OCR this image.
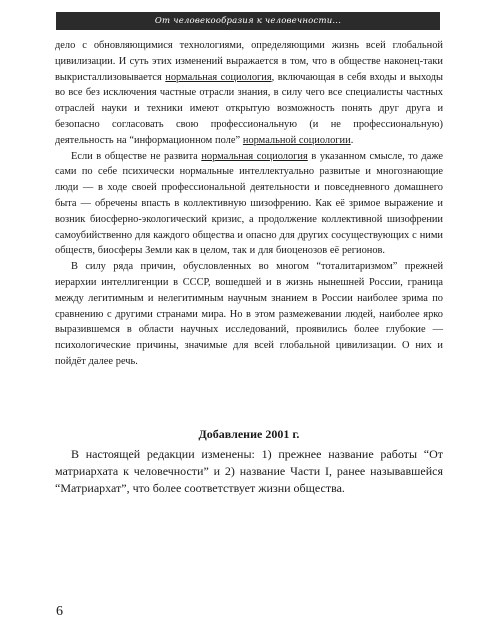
От человекообразия к человечности...

дело с обновляющимися технологиями, определяющими жизнь всей глобальной цивилизации. И суть этих изменений выражается в том, что в обществе наконец-таки выкристаллизовывается нормальная социология, включающая в себя входы и выходы во все без исключения частные отрасли знания, в силу чего все специалисты частных отраслей науки и техники имеют открытую возможность понять друг друга и безопасно согласовать свою профессиональную (и не профессиональную) деятельность на “информационном поле” нормальной социологии.

Если в обществе не развита нормальная социология в указанном смысле, то даже сами по себе психически нормальные интеллектуально развитые и многознающие люди — в ходе своей профессиональной деятельности и повседневного домашнего быта — обречены впасть в коллективную шизофрению. Как её зримое выражение и возник биосферно-экологический кризис, а продолжение коллективной шизофрении самоубийственно для каждого общества и опасно для других сосуществующих с ними обществ, биосферы Земли как в целом, так и для биоценозов её регионов.

В силу ряда причин, обусловленных во многом “тоталитаризмом” прежней иерархии интеллигенции в СССР, вошедшей и в жизнь нынешней России, граница между легитимным и нелегитимным научным знанием в России наиболее зрима по сравнению с другими странами мира. Но в этом размежевании людей, наиболее ярко выразившемся в области научных исследований, проявились более глубокие — психологические причины, значимые для всей глобальной цивилизации. О них и пойдёт далее речь.

Добавление 2001 г.

В настоящей редакции изменены: 1) прежнее название работы “От матриархата к человечности” и 2) название Части I, ранее называвшейся “Матриархат”, что более соответствует жизни общества.

6
